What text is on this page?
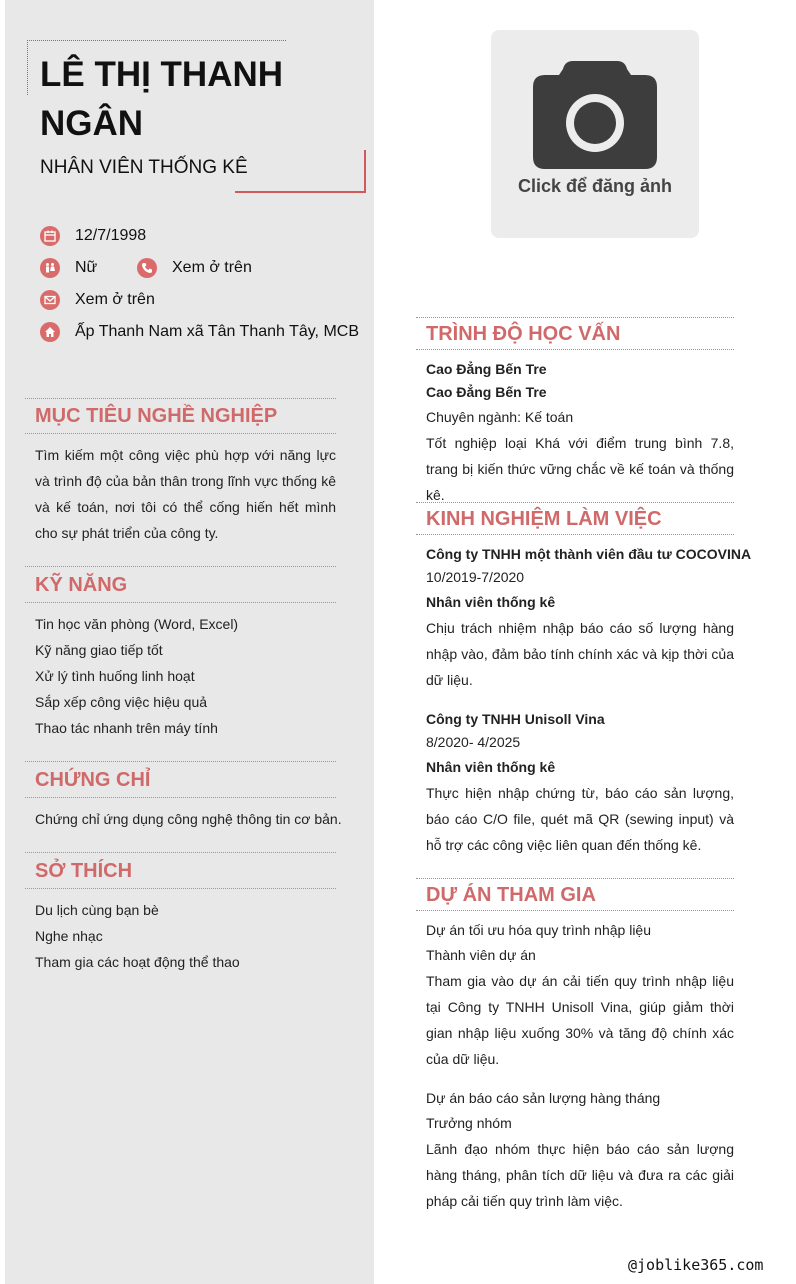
LÊ THỊ THANH NGÂN
NHÂN VIÊN THỐNG KÊ
12/7/1998
Nữ	Xem ở trên
Xem ở trên
Ấp Thanh Nam xã Tân Thanh Tây, MCB
Click để đăng ảnh
MỤC TIÊU NGHỀ NGHIỆP

Tìm kiếm một công việc phù hợp với năng lực và trình độ của bản thân trong lĩnh vực thống kê và kế toán, nơi tôi có thể cống hiến hết mình cho sự phát triển của công ty.

KỸ NĂNG
Tin học văn phòng (Word, Excel)
Kỹ năng giao tiếp tốt
Xử lý tình huống linh hoạt
Sắp xếp công việc hiệu quả
Thao tác nhanh trên máy tính
CHỨNG CHỈ
Chứng chỉ ứng dụng công nghệ thông tin cơ bản.
SỞ THÍCH
Du lịch cùng bạn bè
Nghe nhạc
Tham gia các hoạt động thể thao
TRÌNH ĐỘ HỌC VẤN
Cao Đẳng Bến Tre
Cao Đẳng Bến Tre
Chuyên ngành: Kế toán

Tốt nghiệp loại Khá với điểm trung bình 7.8, trang bị kiến thức vững chắc về kế toán và thống kê.

KINH NGHIỆM LÀM VIỆC
Công ty TNHH một thành viên đầu tư COCOVINA
10/2019-7/2020
Nhân viên thống kê

Chịu trách nhiệm nhập báo cáo số lượng hàng nhập vào, đảm bảo tính chính xác và kịp thời của dữ liệu.

Công ty TNHH Unisoll Vina
8/2020- 4/2025
Nhân viên thống kê

Thực hiện nhập chứng từ, báo cáo sản lượng, báo cáo C/O file, quét mã QR (sewing input) và hỗ trợ các công việc liên quan đến thống kê.

DỰ ÁN THAM GIA
Dự án tối ưu hóa quy trình nhập liệu
Thành viên dự án

Tham gia vào dự án cải tiến quy trình nhập liệu tại Công ty TNHH Unisoll Vina, giúp giảm thời gian nhập liệu xuống 30% và tăng độ chính xác của dữ liệu.

Dự án báo cáo sản lượng hàng tháng
Trưởng nhóm

Lãnh đạo nhóm thực hiện báo cáo sản lượng hàng tháng, phân tích dữ liệu và đưa ra các giải pháp cải tiến quy trình làm việc.

@joblike365.com
